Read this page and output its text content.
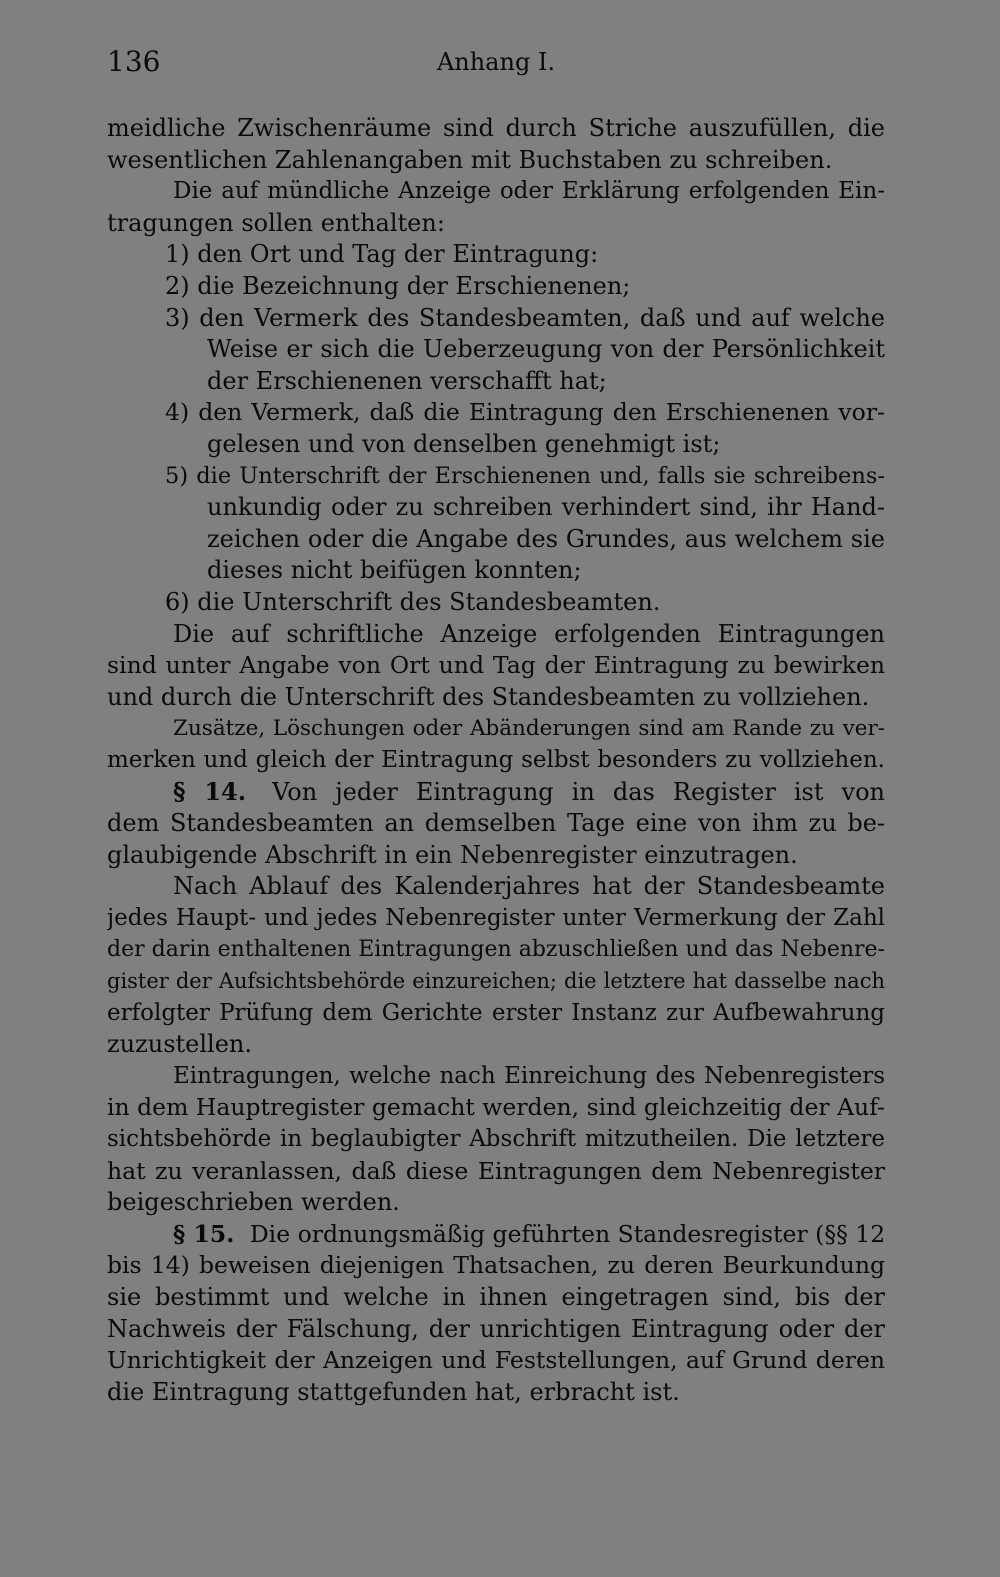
136	Anhang I.
meidliche Zwischenräume sind durch Striche auszufüllen, die
wesentlichen Zahlenangaben mit Buchstaben zu schreiben.
Die auf mündliche Anzeige oder Erklärung erfolgenden Ein-
tragungen sollen enthalten:
1) den Ort und Tag der Eintragung:
2) die Bezeichnung der Erschienenen;
3) den Vermerk des Standesbeamten, daß und auf welche
Weise er sich die Ueberzeugung von der Persönlichkeit
der Erschienenen verschafft hat;
4) den Vermerk, daß die Eintragung den Erschienenen vor-
gelesen und von denselben genehmigt ist;
5) die Unterschrift der Erschienenen und, falls sie schreibens-
unkundig oder zu schreiben verhindert sind, ihr Hand-
zeichen oder die Angabe des Grundes, aus welchem sie
dieses nicht beifügen konnten;
6) die Unterschrift des Standesbeamten.
Die auf schriftliche Anzeige erfolgenden Eintragungen
sind unter Angabe von Ort und Tag der Eintragung zu bewirken
und durch die Unterschrift des Standesbeamten zu vollziehen.
Zusätze, Löschungen oder Abänderungen sind am Rande zu ver-
merken und gleich der Eintragung selbst besonders zu vollziehen.
§ 14. Von jeder Eintragung in das Register ist von
dem Standesbeamten an demselben Tage eine von ihm zu be-
glaubigende Abschrift in ein Nebenregister einzutragen.
Nach Ablauf des Kalenderjahres hat der Standesbeamte
jedes Haupt- und jedes Nebenregister unter Vermerkung der Zahl
der darin enthaltenen Eintragungen abzuschließen und das Nebenre-
gister der Aufsichtsbehörde einzureichen; die letztere hat dasselbe nach
erfolgter Prüfung dem Gerichte erster Instanz zur Aufbewahrung
zuzustellen.
Eintragungen, welche nach Einreichung des Nebenregisters
in dem Hauptregister gemacht werden, sind gleichzeitig der Auf-
sichtsbehörde in beglaubigter Abschrift mitzutheilen. Die letztere
hat zu veranlassen, daß diese Eintragungen dem Nebenregister
beigeschrieben werden.
§ 15. Die ordnungsmäßig geführten Standesregister (§§ 12
bis 14) beweisen diejenigen Thatsachen, zu deren Beurkundung
sie bestimmt und welche in ihnen eingetragen sind, bis der
Nachweis der Fälschung, der unrichtigen Eintragung oder der
Unrichtigkeit der Anzeigen und Feststellungen, auf Grund deren
die Eintragung stattgefunden hat, erbracht ist.
